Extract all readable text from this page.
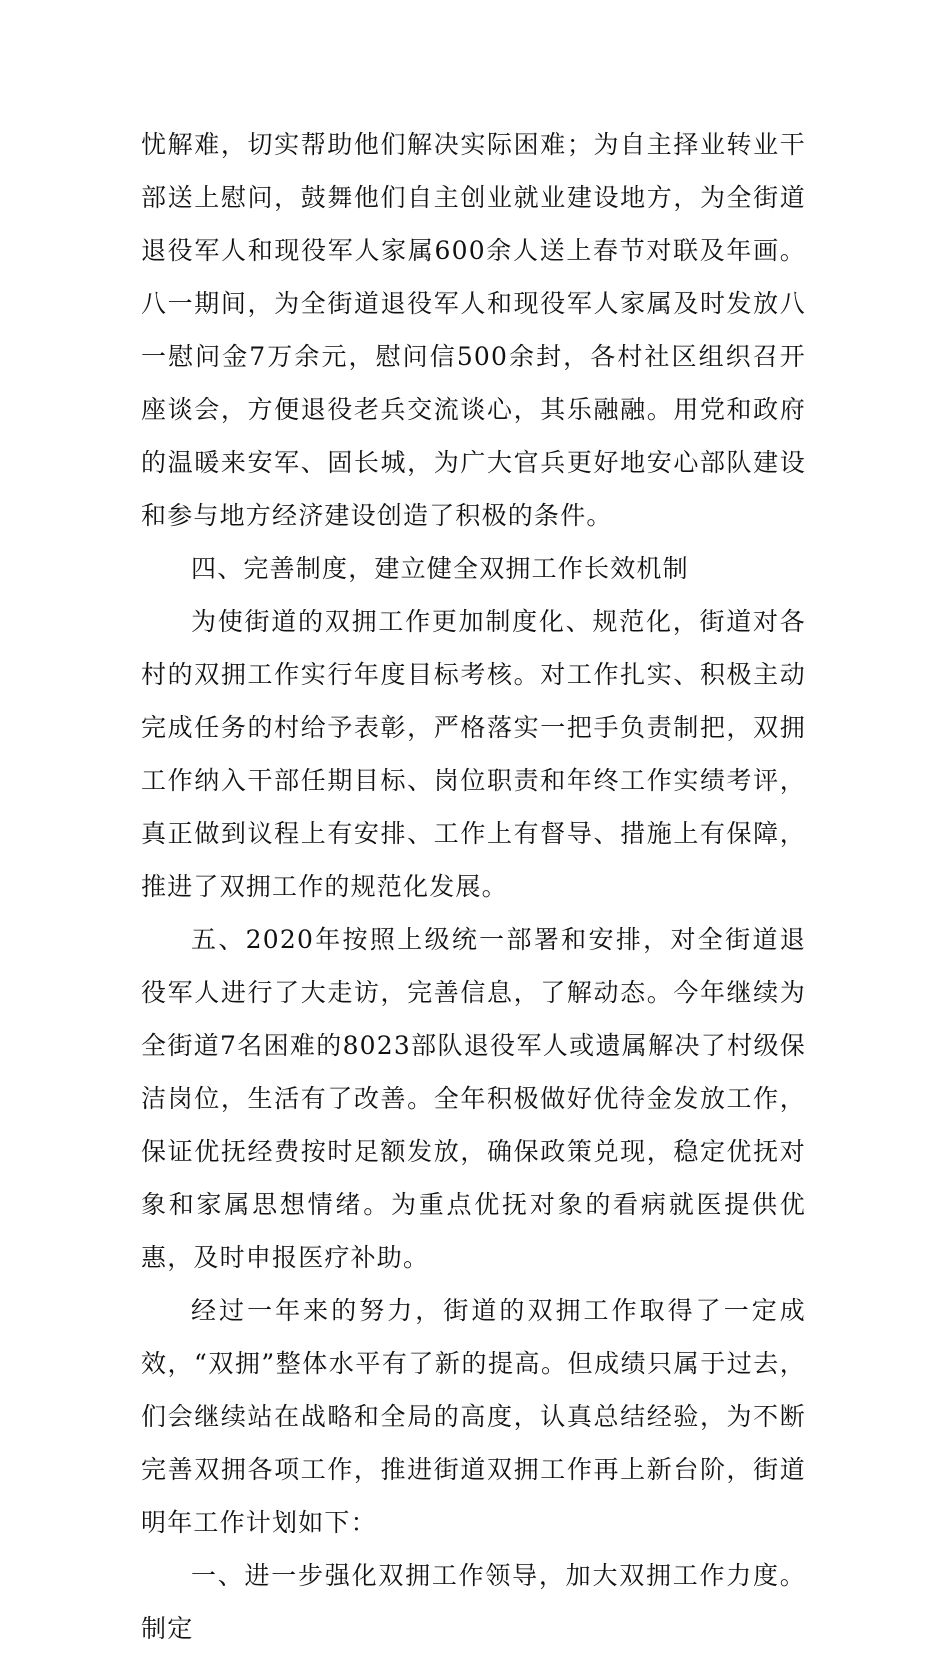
忧解难，切实帮助他们解决实际困难；为自主择业转业干部送上慰问，鼓舞他们自主创业就业建设地方，为全街道退役军人和现役军人家属600余人送上春节对联及年画。八一期间，为全街道退役军人和现役军人家属及时发放八一慰问金7万余元，慰问信500余封，各村社区组织召开座谈会，方便退役老兵交流谈心，其乐融融。用党和政府的温暖来安军、固长城，为广大官兵更好地安心部队建设和参与地方经济建设创造了积极的条件。

四、完善制度，建立健全双拥工作长效机制

为使街道的双拥工作更加制度化、规范化，街道对各村的双拥工作实行年度目标考核。对工作扎实、积极主动完成任务的村给予表彰，严格落实一把手负责制把，双拥工作纳入干部任期目标、岗位职责和年终工作实绩考评，真正做到议程上有安排、工作上有督导、措施上有保障，推进了双拥工作的规范化发展。

五、2020年按照上级统一部署和安排，对全街道退役军人进行了大走访，完善信息，了解动态。今年继续为全街道7名困难的8023部队退役军人或遗属解决了村级保洁岗位，生活有了改善。全年积极做好优待金发放工作，保证优抚经费按时足额发放，确保政策兑现，稳定优抚对象和家属思想情绪。为重点优抚对象的看病就医提供优惠，及时申报医疗补助。

经过一年来的努力，街道的双拥工作取得了一定成效，“双拥”整体水平有了新的提高。但成绩只属于过去，们会继续站在战略和全局的高度，认真总结经验，为不断完善双拥各项工作，推进街道双拥工作再上新台阶，街道明年工作计划如下：

一、进一步强化双拥工作领导，加大双拥工作力度。制定
